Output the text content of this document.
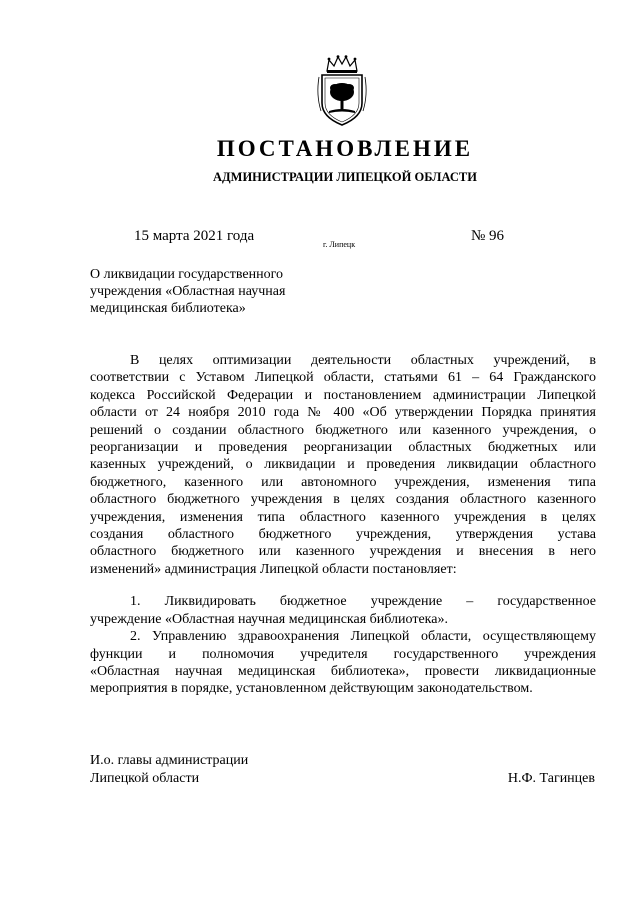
ПОСТАНОВЛЕНИЕ
АДМИНИСТРАЦИИ ЛИПЕЦКОЙ ОБЛАСТИ
15 марта 2021 года
г. Липецк
№ 96
О ликвидации государственного
учреждения «Областная научная
медицинская библиотека»
В целях оптимизации деятельности областных учреждений, в
соответствии с Уставом Липецкой области, статьями 61 – 64 Гражданского
кодекса Российской Федерации и постановлением администрации Липецкой
области от 24 ноября 2010 года № 400 «Об утверждении Порядка принятия
решений о создании областного бюджетного или казенного учреждения, о
реорганизации и проведения реорганизации областных бюджетных или
казенных учреждений, о ликвидации и проведения ликвидации областного
бюджетного, казенного или автономного учреждения, изменения типа
областного бюджетного учреждения в целях создания областного казенного
учреждения, изменения типа областного казенного учреждения в целях
создания областного бюджетного учреждения, утверждения устава
областного бюджетного или казенного учреждения и внесения в него
изменений» администрация Липецкой области постановляет:
1. Ликвидировать бюджетное учреждение – государственное
учреждение «Областная научная медицинская библиотека».
2. Управлению здравоохранения Липецкой области, осуществляющему
функции и полномочия учредителя государственного учреждения
«Областная научная медицинская библиотека», провести ликвидационные
мероприятия в порядке, установленном действующим законодательством.
И.о. главы администрации
Липецкой области	Н.Ф. Тагинцев
